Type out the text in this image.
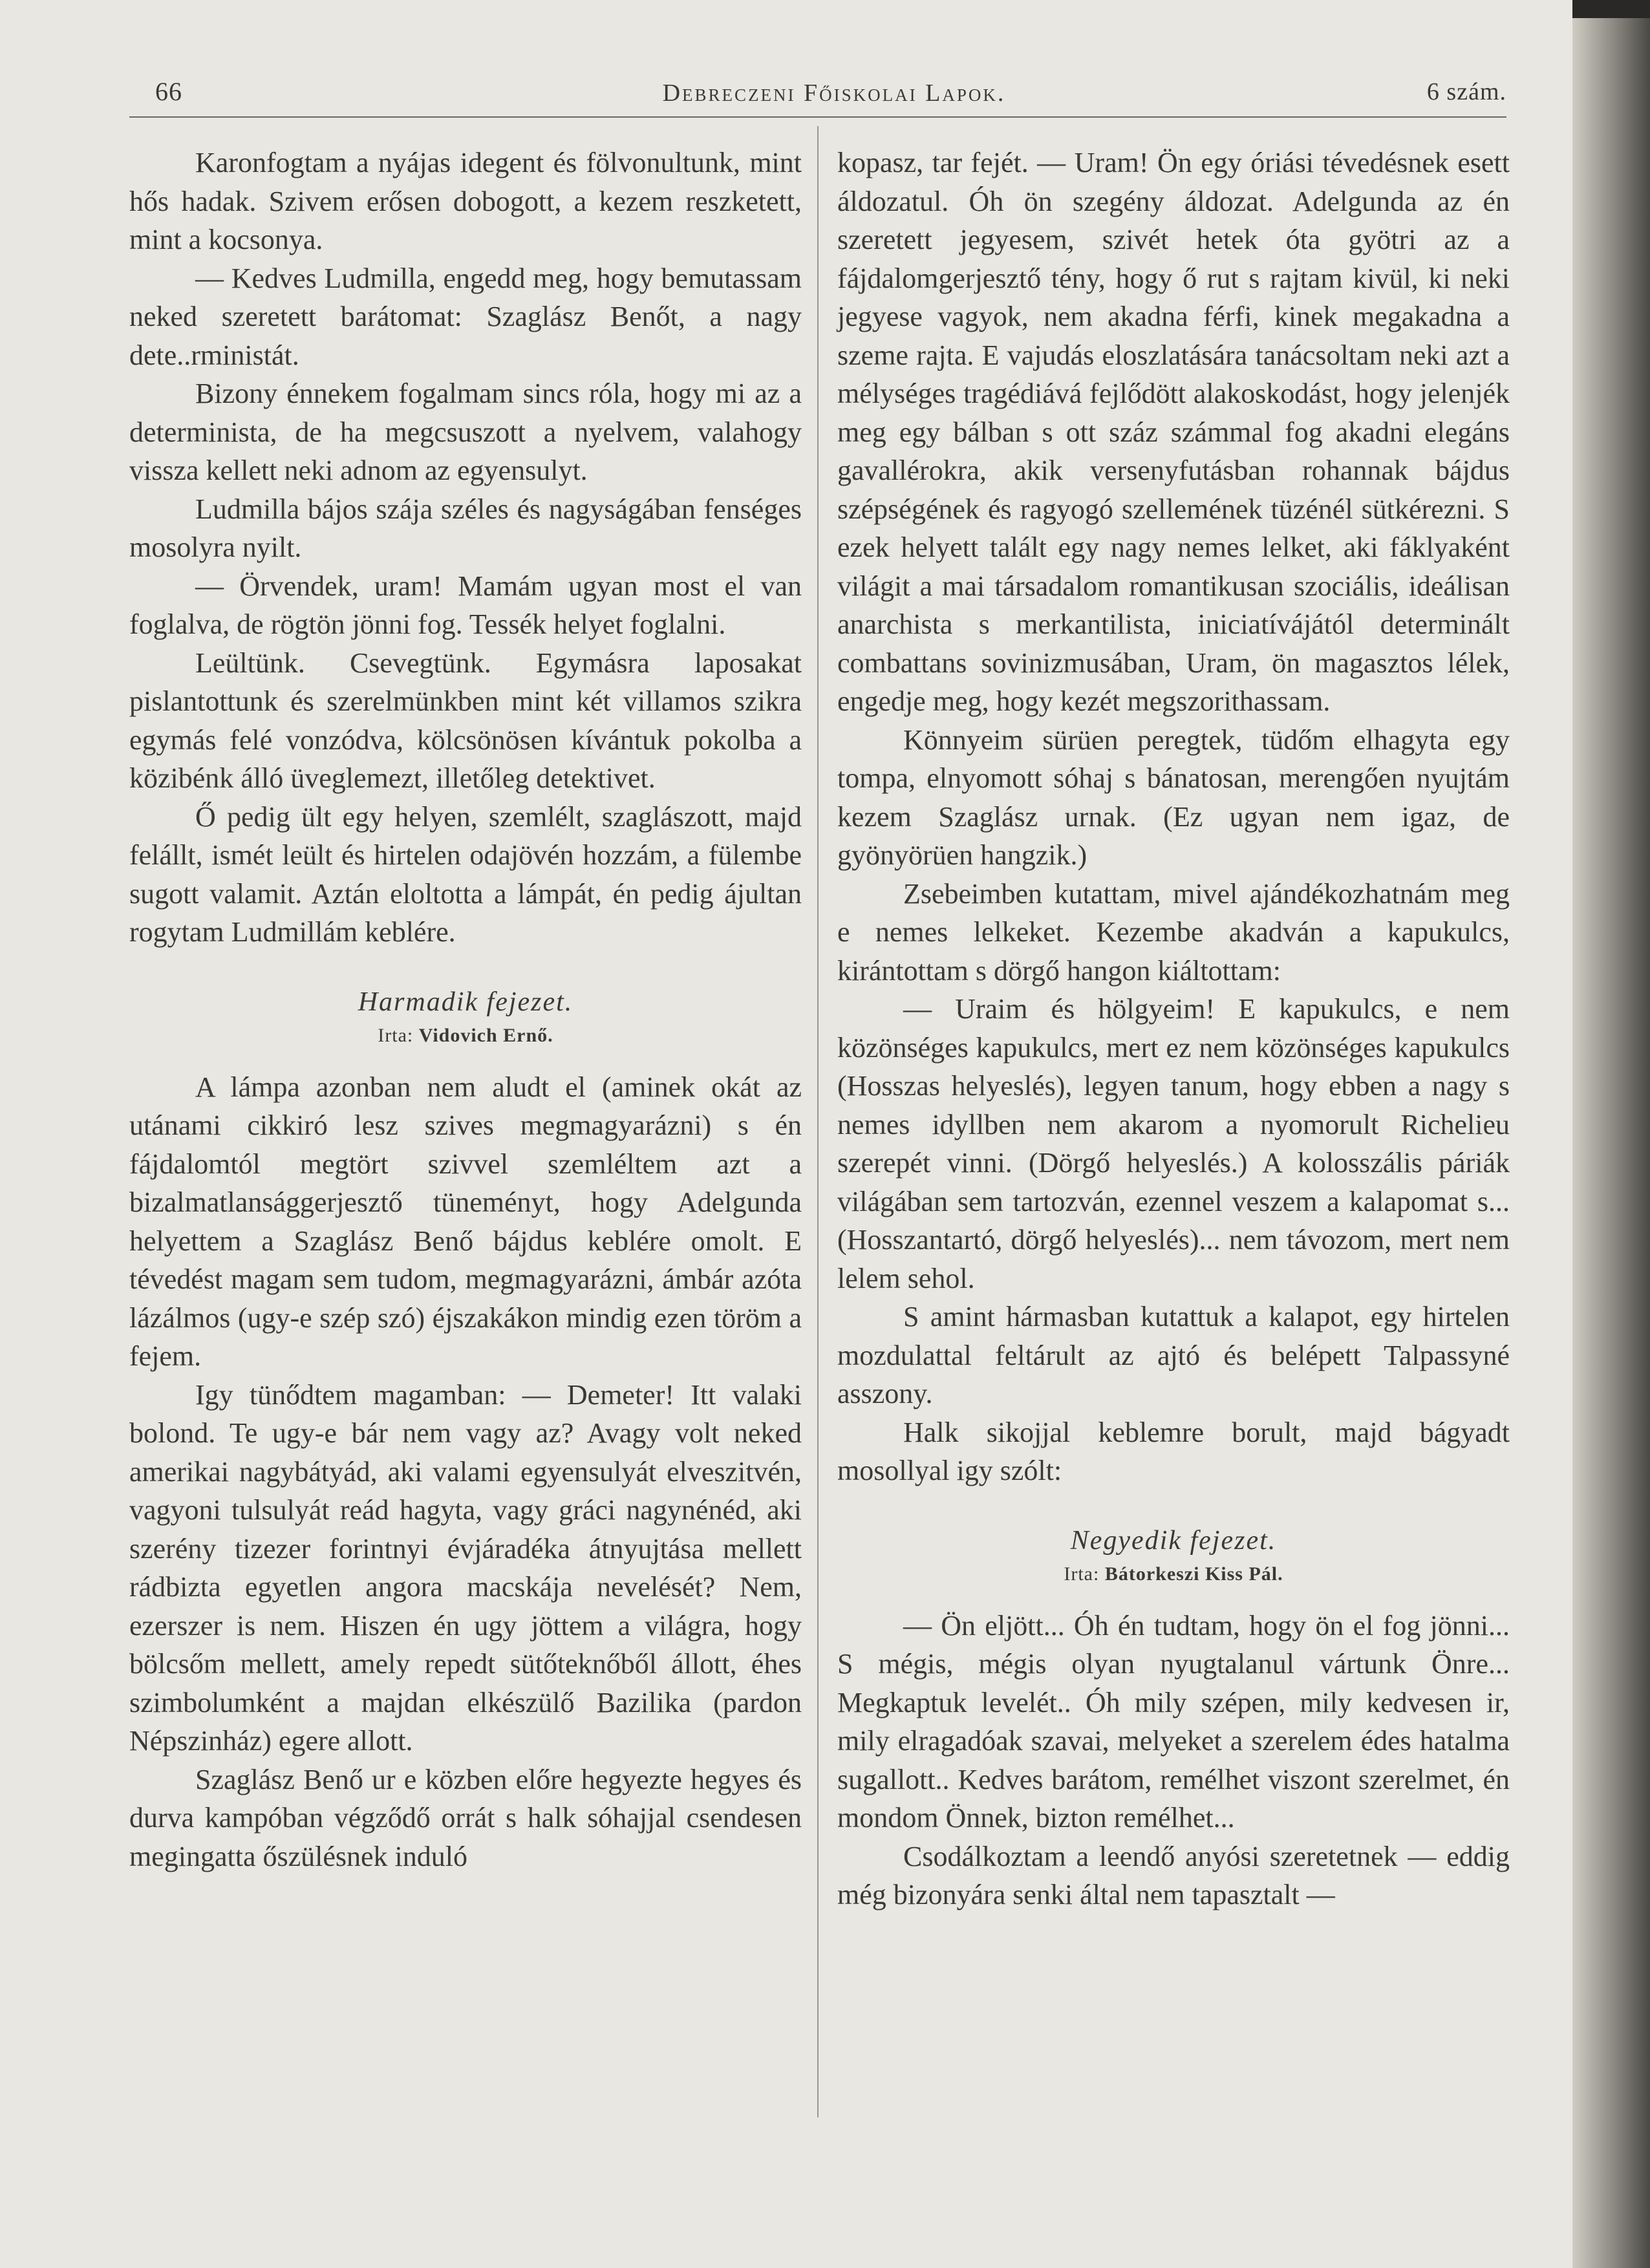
66	Debreczeni Főiskolai Lapok.	6 szám.

Karonfogtam a nyájas idegent és fölvonultunk, mint hős hadak. Szivem erősen dobogott, a kezem reszketett, mint a kocsonya.

— Kedves Ludmilla, engedd meg, hogy bemutassam neked szeretett barátomat: Szaglász Benőt, a nagy dete..rministát.

Bizony énnekem fogalmam sincs róla, hogy mi az a determinista, de ha megcsuszott a nyelvem, valahogy vissza kellett neki adnom az egyensulyt.

Ludmilla bájos szája széles és nagyságában fenséges mosolyra nyilt.

— Örvendek, uram! Mamám ugyan most el van foglalva, de rögtön jönni fog. Tessék helyet foglalni.

Leültünk. Csevegtünk. Egymásra laposakat pislantottunk és szerelmünkben mint két villamos szikra egymás felé vonzódva, kölcsönösen kívántuk pokolba a közibénk álló üveglemezt, illetőleg detektivet.

Ő pedig ült egy helyen, szemlélt, szaglászott, majd felállt, ismét leült és hirtelen odajövén hozzám, a fülembe sugott valamit. Aztán eloltotta a lámpát, én pedig ájultan rogytam Ludmillám keblére.

Harmadik fejezet.
Irta: Vidovich Ernő.

A lámpa azonban nem aludt el (aminek okát az utánami cikkiró lesz szives megmagyarázni) s én fájdalomtól megtört szivvel szemléltem azt a bizalmatlansággerjesztő tüneményt, hogy Adelgunda helyettem a Szaglász Benő bájdus keblére omolt. E tévedést magam sem tudom, megmagyarázni, ámbár azóta lázálmos (ugy-e szép szó) éjszakákon mindig ezen töröm a fejem.

Igy tünődtem magamban: — Demeter! Itt valaki bolond. Te ugy-e bár nem vagy az? Avagy volt neked amerikai nagybátyád, aki valami egyensulyát elveszitvén, vagyoni tulsulyát reád hagyta, vagy gráci nagynénéd, aki szerény tizezer forintnyi évjáradéka átnyujtása mellett rádbizta egyetlen angora macskája nevelését? Nem, ezerszer is nem. Hiszen én ugy jöttem a világra, hogy bölcsőm mellett, amely repedt sütőteknőből állott, éhes szimbolumként a majdan elkészülő Bazilika (pardon Népszinház) egere allott.

Szaglász Benő ur e közben előre hegyezte hegyes és durva kampóban végződő orrát s halk sóhajjal csendesen megingatta őszülésnek induló

kopasz, tar fejét. — Uram! Ön egy óriási tévedésnek esett áldozatul. Óh ön szegény áldozat. Adelgunda az én szeretett jegyesem, szivét hetek óta gyötri az a fájdalomgerjesztő tény, hogy ő rut s rajtam kivül, ki neki jegyese vagyok, nem akadna férfi, kinek megakadna a szeme rajta. E vajudás eloszlatására tanácsoltam neki azt a mélységes tragédiává fejlődött alakoskodást, hogy jelenjék meg egy bálban s ott száz számmal fog akadni elegáns gavallérokra, akik versenyfutásban rohannak bájdus szépségének és ragyogó szellemének tüzénél sütkérezni. S ezek helyett talált egy nagy nemes lelket, aki fáklyaként világit a mai társadalom romantikusan szociális, ideálisan anarchista s merkantilista, iniciatívájától determinált combattans sovinizmusában, Uram, ön magasztos lélek, engedje meg, hogy kezét megszorithassam.

Könnyeim sürüen peregtek, tüdőm elhagyta egy tompa, elnyomott sóhaj s bánatosan, merengően nyujtám kezem Szaglász urnak. (Ez ugyan nem igaz, de gyönyörüen hangzik.)

Zsebeimben kutattam, mivel ajándékozhatnám meg e nemes lelkeket. Kezembe akadván a kapukulcs, kirántottam s dörgő hangon kiáltottam:

— Uraim és hölgyeim! E kapukulcs, e nem közönséges kapukulcs, mert ez nem közönséges kapukulcs (Hosszas helyeslés), legyen tanum, hogy ebben a nagy s nemes idyllben nem akarom a nyomorult Richelieu szerepét vinni. (Dörgő helyeslés.) A kolosszális páriák világában sem tartozván, ezennel veszem a kalapomat s... (Hosszantartó, dörgő helyeslés)... nem távozom, mert nem lelem sehol.

S amint hármasban kutattuk a kalapot, egy hirtelen mozdulattal feltárult az ajtó és belépett Talpassyné asszony.

Halk sikojjal keblemre borult, majd bágyadt mosollyal igy szólt:

Negyedik fejezet.
Irta: Bátorkeszi Kiss Pál.

— Ön eljött... Óh én tudtam, hogy ön el fog jönni... S mégis, mégis olyan nyugtalanul vártunk Önre... Megkaptuk levelét.. Óh mily szépen, mily kedvesen ir, mily elragadóak szavai, melyeket a szerelem édes hatalma sugallott.. Kedves barátom, remélhet viszont szerelmet, én mondom Önnek, bizton remélhet...

Csodálkoztam a leendő anyósi szeretetnek — eddig még bizonyára senki által nem tapasztalt —
